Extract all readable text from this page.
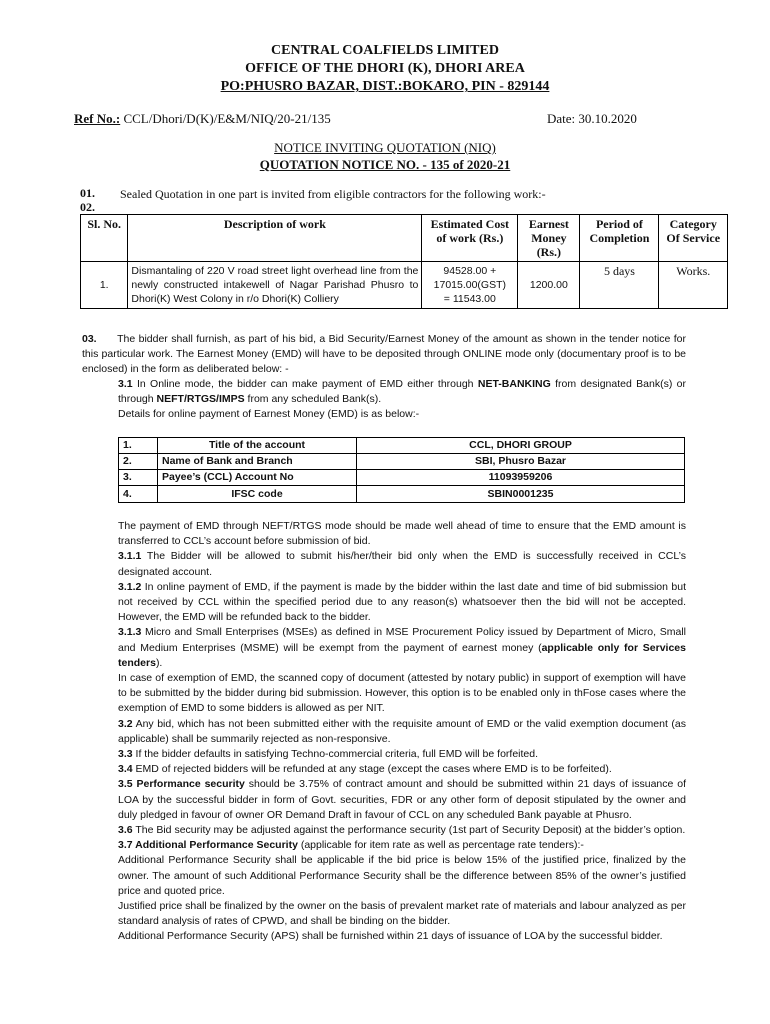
CENTRAL COALFIELDS LIMITED
OFFICE OF THE DHORI (K), DHORI AREA
PO:PHUSRO BAZAR, DIST.:BOKARO, PIN - 829144
Ref No.: CCL/Dhori/D(K)/E&M/NIQ/20-21/135	Date: 30.10.2020
NOTICE INVITING QUOTATION (NIQ)
QUOTATION NOTICE NO. - 135 of 2020-21
01.
02.
Sealed Quotation in one part is invited from eligible contractors for the following work:-
Sl. No.	Description of work	Estimated Cost of work (Rs.)	Earnest Money (Rs.)	Period of Completion	Category Of Service
1.	Dismantaling of 220 V road street light overhead line from the newly constructed intakewell of Nagar Parishad Phusro to Dhori(K) West Colony in r/o Dhori(K) Colliery	94528.00 +
17015.00(GST)
= 11543.00	1200.00	5 days	Works.

03. The bidder shall furnish, as part of his bid, a Bid Security/Earnest Money of the amount as shown in the tender notice for this particular work. The Earnest Money (EMD) will have to be deposited through ONLINE mode only (documentary proof is to be enclosed) in the form as deliberated below: -

3.1 In Online mode, the bidder can make payment of EMD either through NET-BANKING from designated Bank(s) or through NEFT/RTGS/IMPS from any scheduled Bank(s).

Details for online payment of Earnest Money (EMD) is as below:-

1.	Title of the account	CCL, DHORI GROUP
2.	Name of Bank and Branch	SBI, Phusro Bazar
3.	Payee’s (CCL) Account No	11093959206
4.	IFSC code	SBIN0001235

The payment of EMD through NEFT/RTGS mode should be made well ahead of time to ensure that the EMD amount is transferred to CCL’s account before submission of bid.

3.1.1 The Bidder will be allowed to submit his/her/their bid only when the EMD is successfully received in CCL’s designated account.

3.1.2 In online payment of EMD, if the payment is made by the bidder within the last date and time of bid submission but not received by CCL within the specified period due to any reason(s) whatsoever then the bid will not be accepted. However, the EMD will be refunded back to the bidder.

3.1.3 Micro and Small Enterprises (MSEs) as defined in MSE Procurement Policy issued by Department of Micro, Small and Medium Enterprises (MSME) will be exempt from the payment of earnest money (applicable only for Services tenders).

In case of exemption of EMD, the scanned copy of document (attested by notary public) in support of exemption will have to be submitted by the bidder during bid submission. However, this option is to be enabled only in thFose cases where the exemption of EMD to some bidders is allowed as per NIT.

3.2 Any bid, which has not been submitted either with the requisite amount of EMD or the valid exemption document (as applicable) shall be summarily rejected as non-responsive.

3.3 If the bidder defaults in satisfying Techno-commercial criteria, full EMD will be forfeited.

3.4 EMD of rejected bidders will be refunded at any stage (except the cases where EMD is to be forfeited).

3.5 Performance security should be 3.75% of contract amount and should be submitted within 21 days of issuance of LOA by the successful bidder in form of Govt. securities, FDR or any other form of deposit stipulated by the owner and duly pledged in favour of owner OR Demand Draft in favour of CCL on any scheduled Bank payable at Phusro.

3.6 The Bid security may be adjusted against the performance security (1st part of Security Deposit) at the bidder’s option.

3.7 Additional Performance Security (applicable for item rate as well as percentage rate tenders):-

Additional Performance Security shall be applicable if the bid price is below 15% of the justified price, finalized by the owner. The amount of such Additional Performance Security shall be the difference between 85% of the owner’s justified price and quoted price.

Justified price shall be finalized by the owner on the basis of prevalent market rate of materials and labour analyzed as per standard analysis of rates of CPWD, and shall be binding on the bidder.

Additional Performance Security (APS) shall be furnished within 21 days of issuance of LOA by the successful bidder.
